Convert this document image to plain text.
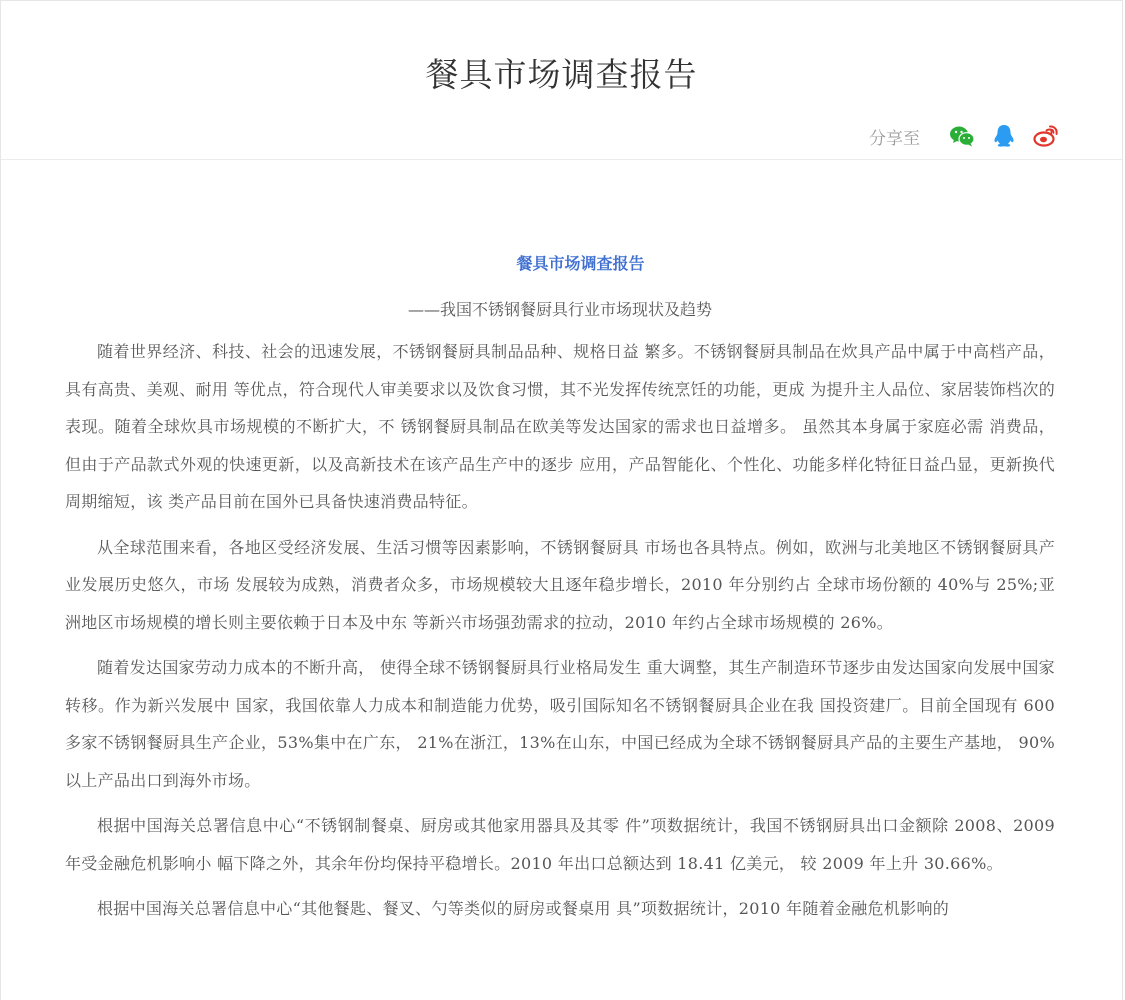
餐具市场调查报告
分享至

餐具市场调查报告

——我国不锈钢餐厨具行业市场现状及趋势

随着世界经济、科技、社会的迅速发展，不锈钢餐厨具制品品种、规格日益 繁多。不锈钢餐厨具制品在炊具产品中属于中高档产品，具有高贵、美观、耐用 等优点，符合现代人审美要求以及饮食习惯，其不光发挥传统烹饪的功能，更成 为提升主人品位、家居装饰档次的表现。随着全球炊具市场规模的不断扩大，不 锈钢餐厨具制品在欧美等发达国家的需求也日益增多。 虽然其本身属于家庭必需 消费品，但由于产品款式外观的快速更新，以及高新技术在该产品生产中的逐步 应用，产品智能化、个性化、功能多样化特征日益凸显，更新换代周期缩短，该 类产品目前在国外已具备快速消费品特征。

从全球范围来看，各地区受经济发展、生活习惯等因素影响，不锈钢餐厨具 市场也各具特点。例如，欧洲与北美地区不锈钢餐厨具产业发展历史悠久，市场 发展较为成熟，消费者众多，市场规模较大且逐年稳步增长，2010 年分别约占 全球市场份额的 40%与 25%;亚洲地区市场规模的增长则主要依赖于日本及中东 等新兴市场强劲需求的拉动，2010 年约占全球市场规模的 26%。

随着发达国家劳动力成本的不断升高， 使得全球不锈钢餐厨具行业格局发生 重大调整，其生产制造环节逐步由发达国家向发展中国家转移。作为新兴发展中 国家，我国依靠人力成本和制造能力优势，吸引国际知名不锈钢餐厨具企业在我 国投资建厂。目前全国现有 600 多家不锈钢餐厨具生产企业，53%集中在广东， 21%在浙江，13%在山东，中国已经成为全球不锈钢餐厨具产品的主要生产基地， 90%以上产品出口到海外市场。

根据中国海关总署信息中心“不锈钢制餐桌、厨房或其他家用器具及其零 件”项数据统计，我国不锈钢厨具出口金额除 2008、2009 年受金融危机影响小 幅下降之外，其余年份均保持平稳增长。2010 年出口总额达到 18.41 亿美元， 较 2009 年上升 30.66%。

根据中国海关总署信息中心“其他餐匙、餐叉、勺等类似的厨房或餐桌用 具”项数据统计，2010 年随着金融危机影响的
